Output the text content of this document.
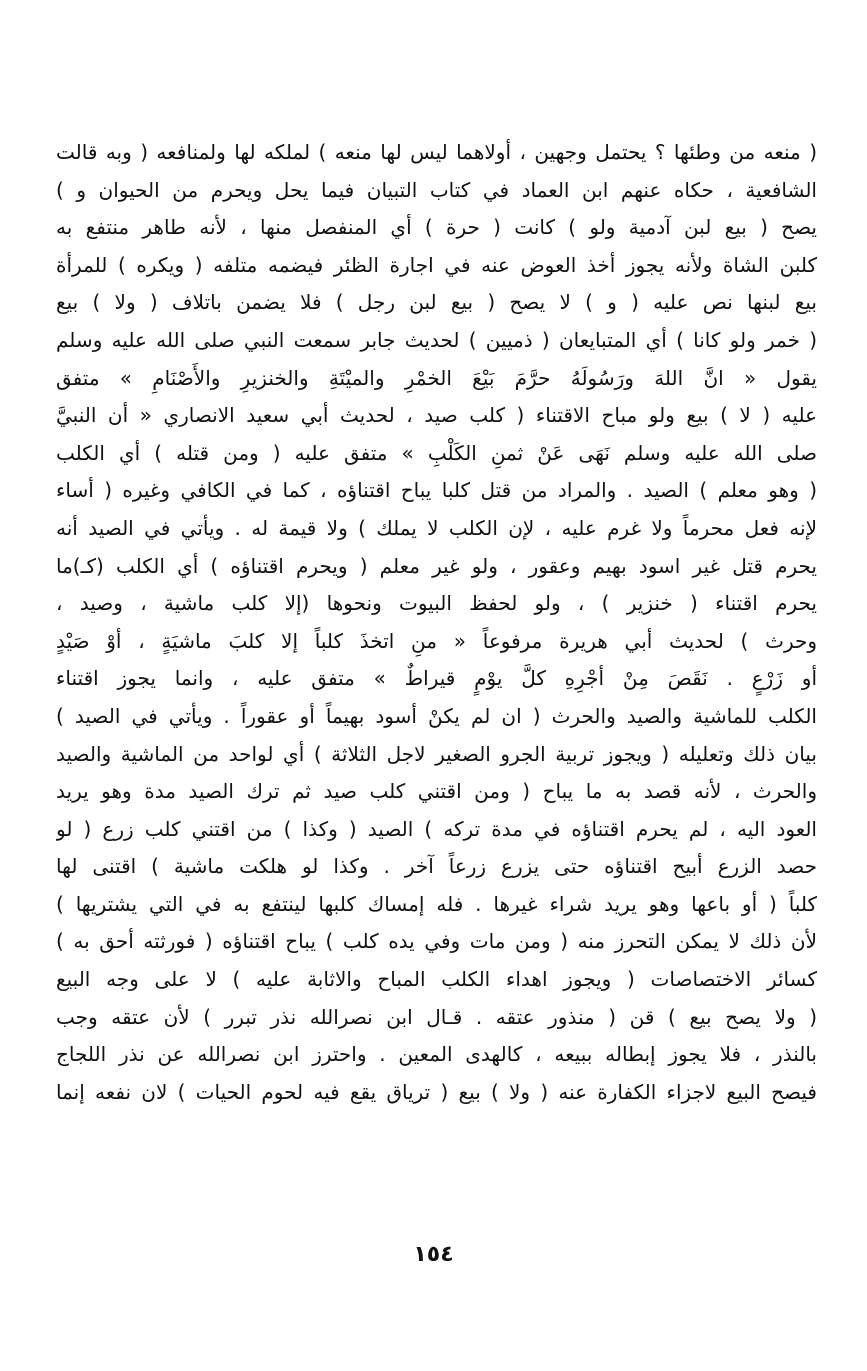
( منعه من وطئها ؟ يحتمل وجهين ، أولاهما ليس لها منعه ) لملكه لها ولمنافعه ( وبه قالت
الشافعية ، حكاه عنهم ابن العماد في كتاب التبيان فيما يحل ويحرم من الحيوان و )
يصح ( بيع لبن آدمية ولو ) كانت ( حرة ) أي المنفصل منها ، لأنه طاهر منتفع به
كلبن الشاة ولأنه يجوز أخذ العوض عنه في اجارة الظئر فيضمه متلفه ( ويكره ) للمرأة
بيع لبنها نص عليه ( و ) لا يصح ( بيع لبن رجل ) فلا يضمن باتلاف ( ولا ) بيع
( خمر ولو كانا ) أي المتبايعان ( ذميين ) لحديث جابر سمعت النبي صلى الله عليه وسلم
يقول « انَّ اللهَ ورَسُولَهُ حرَّمَ بَيْعَ الخمْرِ والميْتَةِ والخنزيرِ والأَصْنَامِ » متفق
عليه ( لا ) بيع ولو مباح الاقتناء ( كلب صيد ، لحديث أبي سعيد الانصاري « أن النبيَّ
صلى الله عليه وسلم نَهَى عَنْ ثمنِ الكَلْبِ » متفق عليه ( ومن قتله ) أي الكلب
( وهو معلم ) الصيد . والمراد من قتل كلبا يباح اقتناؤه ، كما في الكافي وغيره ( أساء
لإنه فعل محرماً ولا غرم عليه ، لإن الكلب لا يملك ) ولا قيمة له . ويأتي في الصيد أنه
يحرم قتل غير اسود بهيم وعقور ، ولو غير معلم ( ويحرم اقتناؤه ) أي الكلب (كـ)ما
يحرم اقتناء ( خنزير ) ، ولو لحفظ البيوت ونحوها (إلا كلب ماشية ، وصيد ،
وحرث ) لحديث أبي هريرة مرفوعاً « منِ اتخذَ كلباً إلا كلبَ ماشيَةٍ ، أوْ صَيْدٍ
أو زَرْعٍ . نَقَصَ مِنْ أجْرِهِ كلَّ يوْمٍ قيراطٌ » متفق عليه ، وانما يجوز اقتناء
الكلب للماشية والصيد والحرث ( ان لم يكنْ أسود بهيماً أو عقوراً . ويأتي في الصيد )
بيان ذلك وتعليله ( ويجوز تربية الجرو الصغير لاجل الثلاثة ) أي لواحد من الماشية والصيد
والحرث ، لأنه قصد به ما يباح ( ومن اقتني كلب صيد ثم ترك الصيد مدة وهو يريد
العود اليه ، لم يحرم اقتناؤه في مدة تركه ) الصيد ( وكذا ) من اقتني كلب زرع ( لو
حصد الزرع أبيح اقتناؤه حتى يزرع زرعاً آخر . وكذا لو هلكت ماشية ) اقتنى لها
كلباً ( أو باعها وهو يريد شراء غيرها . فله إمساك كلبها لينتفع به في التي يشتريها )
لأن ذلك لا يمكن التحرز منه ( ومن مات وفي يده كلب ) يباح اقتناؤه ( فورثته أحق به )
كسائر الاختصاصات ( ويجوز اهداء الكلب المباح والاثابة عليه ) لا على وجه البيع
( ولا يصح بيع ) قن ( منذور عتقه . قـال ابن نصرالله نذر تبرر ) لأن عتقه وجب
بالنذر ، فلا يجوز إبطاله ببيعه ، كالهدى المعين . واحترز ابن نصرالله عن نذر اللجاج
فيصح البيع لاجزاء الكفارة عنه ( ولا ) بيع ( ترياق يقع فيه لحوم الحيات ) لان نفعه إنما
١٥٤
